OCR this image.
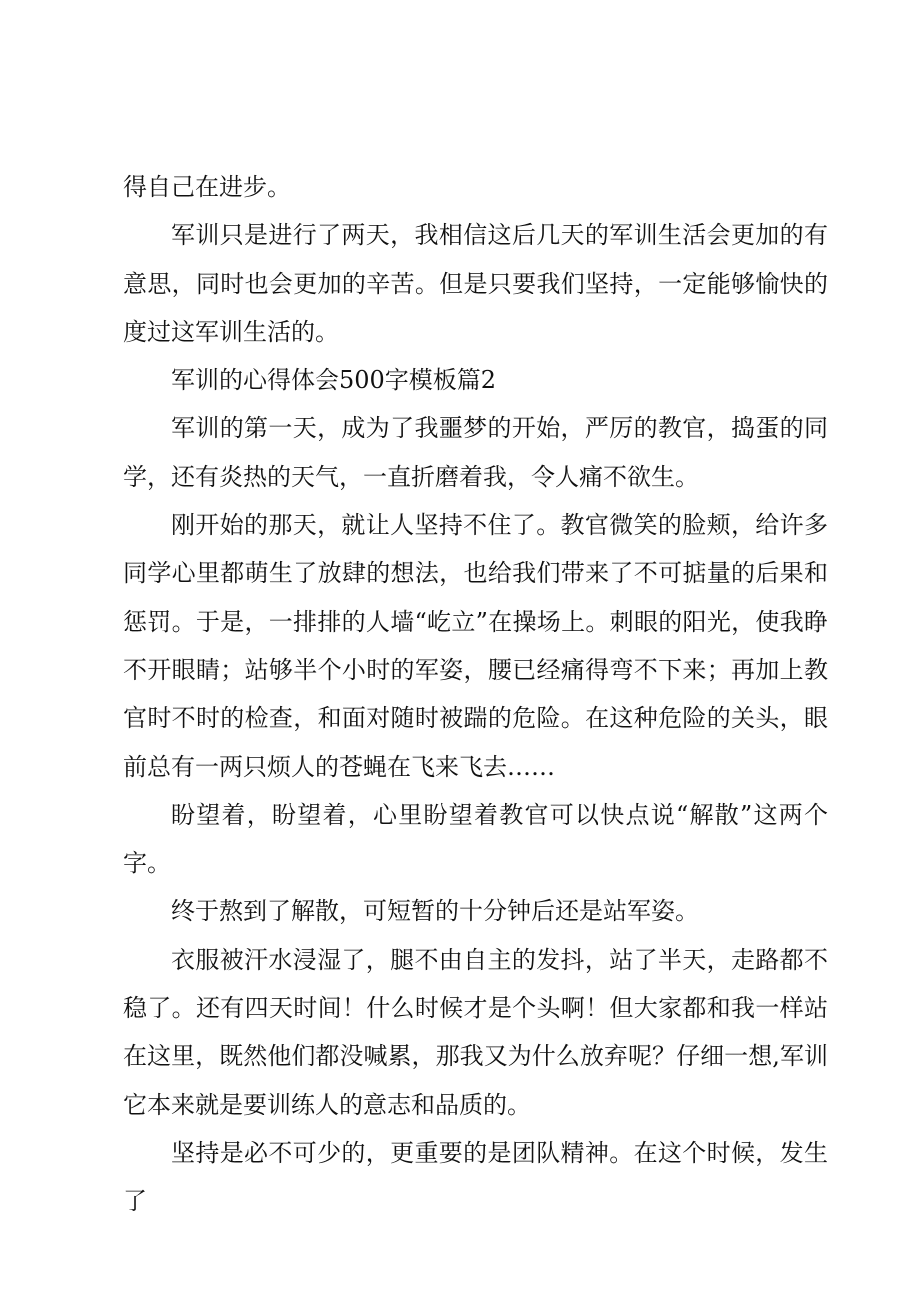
得自己在进步。

军训只是进行了两天，我相信这后几天的军训生活会更加的有意思，同时也会更加的辛苦。但是只要我们坚持，一定能够愉快的度过这军训生活的。

军训的心得体会500字模板篇2

军训的第一天，成为了我噩梦的开始，严厉的教官，捣蛋的同学，还有炎热的天气，一直折磨着我，令人痛不欲生。

刚开始的那天，就让人坚持不住了。教官微笑的脸颊，给许多同学心里都萌生了放肆的想法，也给我们带来了不可掂量的后果和惩罚。于是，一排排的人墙“屹立”在操场上。刺眼的阳光，使我睁不开眼睛；站够半个小时的军姿，腰已经痛得弯不下来；再加上教官时不时的检查，和面对随时被踹的危险。在这种危险的关头，眼前总有一两只烦人的苍蝇在飞来飞去……

盼望着，盼望着，心里盼望着教官可以快点说“解散”这两个字。

终于熬到了解散，可短暂的十分钟后还是站军姿。

衣服被汗水浸湿了，腿不由自主的发抖，站了半天，走路都不稳了。还有四天时间！什么时候才是个头啊！但大家都和我一样站在这里，既然他们都没喊累，那我又为什么放弃呢？仔细一想,军训它本来就是要训练人的意志和品质的。

坚持是必不可少的，更重要的是团队精神。在这个时候，发生了
